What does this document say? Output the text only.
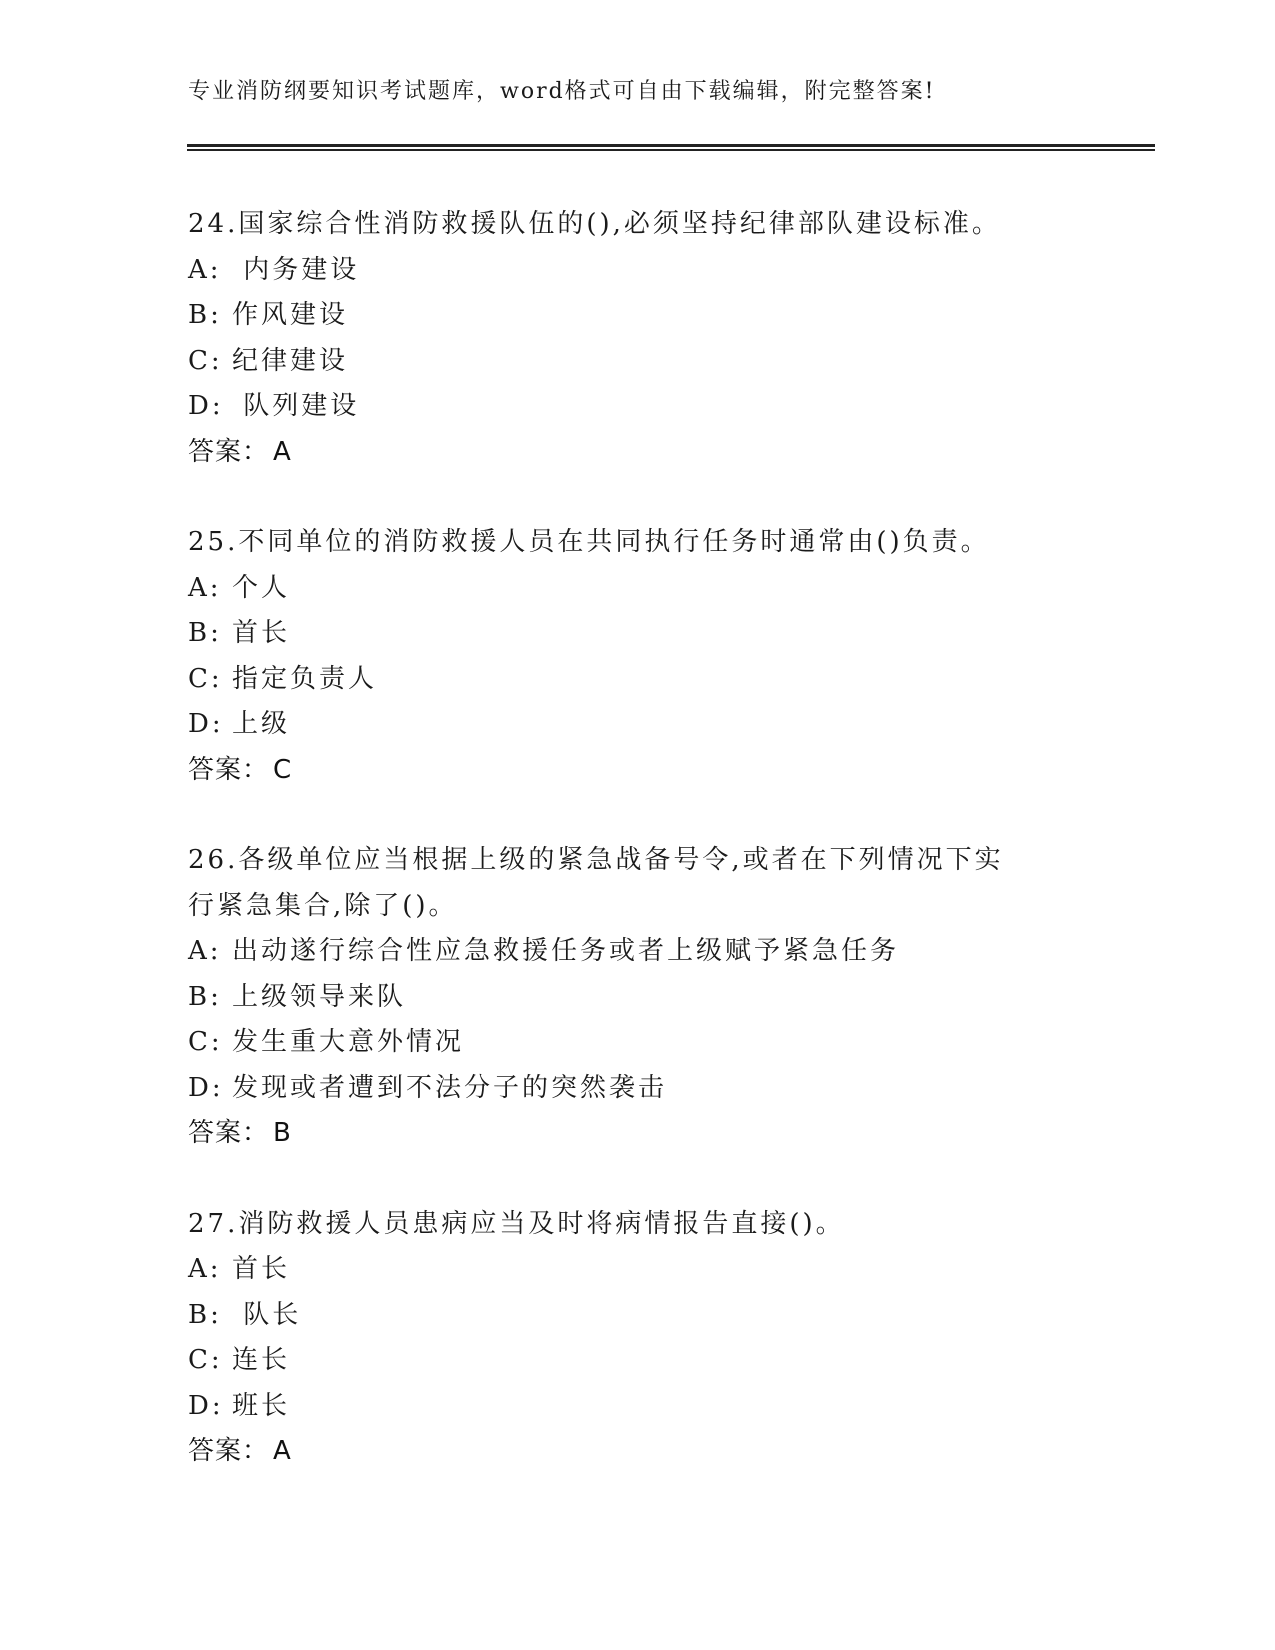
专业消防纲要知识考试题库，word格式可自由下载编辑，附完整答案!
24.国家综合性消防救援队伍的(),必须坚持纪律部队建设标准。
A: 内务建设
B: 作风建设
C: 纪律建设
D: 队列建设
答案： A
25.不同单位的消防救援人员在共同执行任务时通常由()负责。
A: 个人
B: 首长
C: 指定负责人
D: 上级
答案： C
26.各级单位应当根据上级的紧急战备号令,或者在下列情况下实行紧急集合,除了()。
A: 出动遂行综合性应急救援任务或者上级赋予紧急任务
B: 上级领导来队
C: 发生重大意外情况
D: 发现或者遭到不法分子的突然袭击
答案： B
27.消防救援人员患病应当及时将病情报告直接()。
A: 首长
B: 队长
C: 连长
D: 班长
答案： A
